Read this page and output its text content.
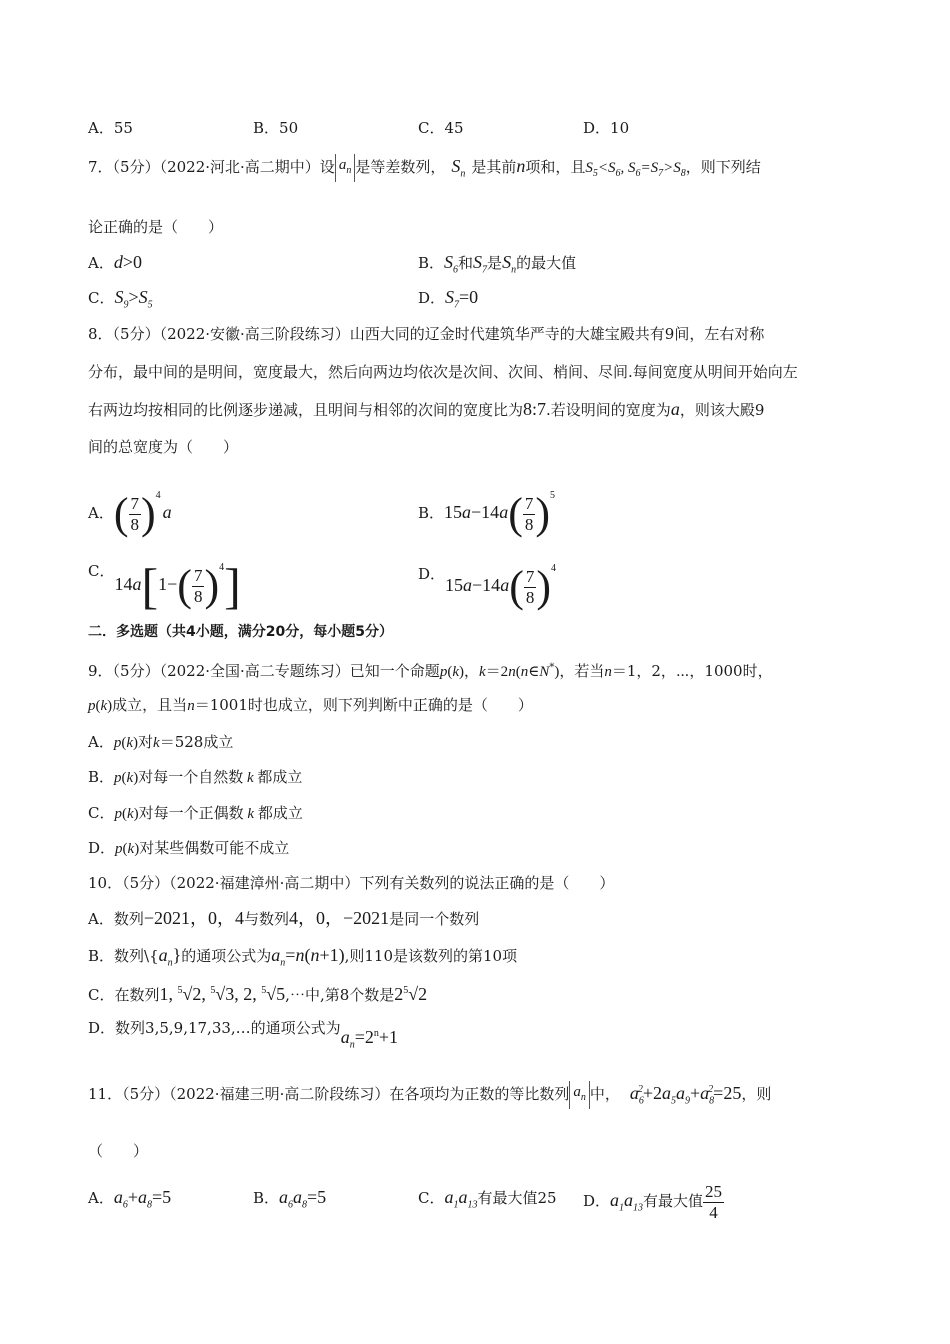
A．55	B．50	C．45	D．10
7．（5分）（2022·河北·高二期中）设 $a_n$ 是等差数列， $S_n$ 是其前n项和，且$S_5<S_6$, $S_6=S_7>S_8$，则下列结
论正确的是（　　）
A．d>0	B．$S_6$和$S_7$是$S_n$的最大值
C．$S_9>S_5$	D．$S_7=0$
8．（5分）（2022·安徽·高三阶段练习）山西大同的辽金时代建筑华严寺的大雄宝殿共有9间，左右对称
分布，最中间的是明间，宽度最大，然后向两边均依次是次间、次间、梢间、尽间.每间宽度从明间开始向左
右两边均按相同的比例逐步递减，且明间与相邻的次间的宽度比为8:7.若设明间的宽度为a，则该大殿9
间的总宽度为（　　）
A．( $\frac{7}{8} )^4a$	B．$15a-14a( \frac{7}{8} )^5$
C．$14a[1-( \frac{7}{8} )^4]$	D．$15a-14a( \frac{7}{8} )^4$
二．多选题（共4小题，满分20分，每小题5分）
9．（5分）（2022·全国·高二专题练习）已知一个命题p(k)，k＝2n(n∈N*)，若当n＝1，2，⋯，1000时，
p(k)成立，且当n＝1001时也成立，则下列判断中正确的是（　　）
A．p(k)对k＝528成立
B．p(k)对每一个自然数 k 都成立
C．p(k)对每一个正偶数 k 都成立
D．p(k)对某些偶数可能不成立
10．（5分）（2022·福建漳州·高二期中）下列有关数列的说法正确的是（　　）
A．数列−2021，0，4与数列4，0，−2021是同一个数列
B．数列$\backslash\{a_n\}$的通项公式为$a_n=n(n+1)$,则110是该数列的第10项
C．在数列1, $^5$√2, $^5$√3, 2, $^5$√5,⋯中,第8个数是$2^5√2$
D．数列3,5,9,17,33,…的通项公式为$a_n=2^n+1$
11．（5分）（2022·福建三明·高二阶段练习）在各项均为正数的等比数列 $a_n$ 中， $a_6^2+2a_5a_9+a_8^2=25$，则
（　　）
A．$a_6+a_8=5$	B．$a_6a_8=5$	C．$a_1a_{13}$有最大值25 D．$a_1a_{13}$有最大值 $\frac{25}{4}$
